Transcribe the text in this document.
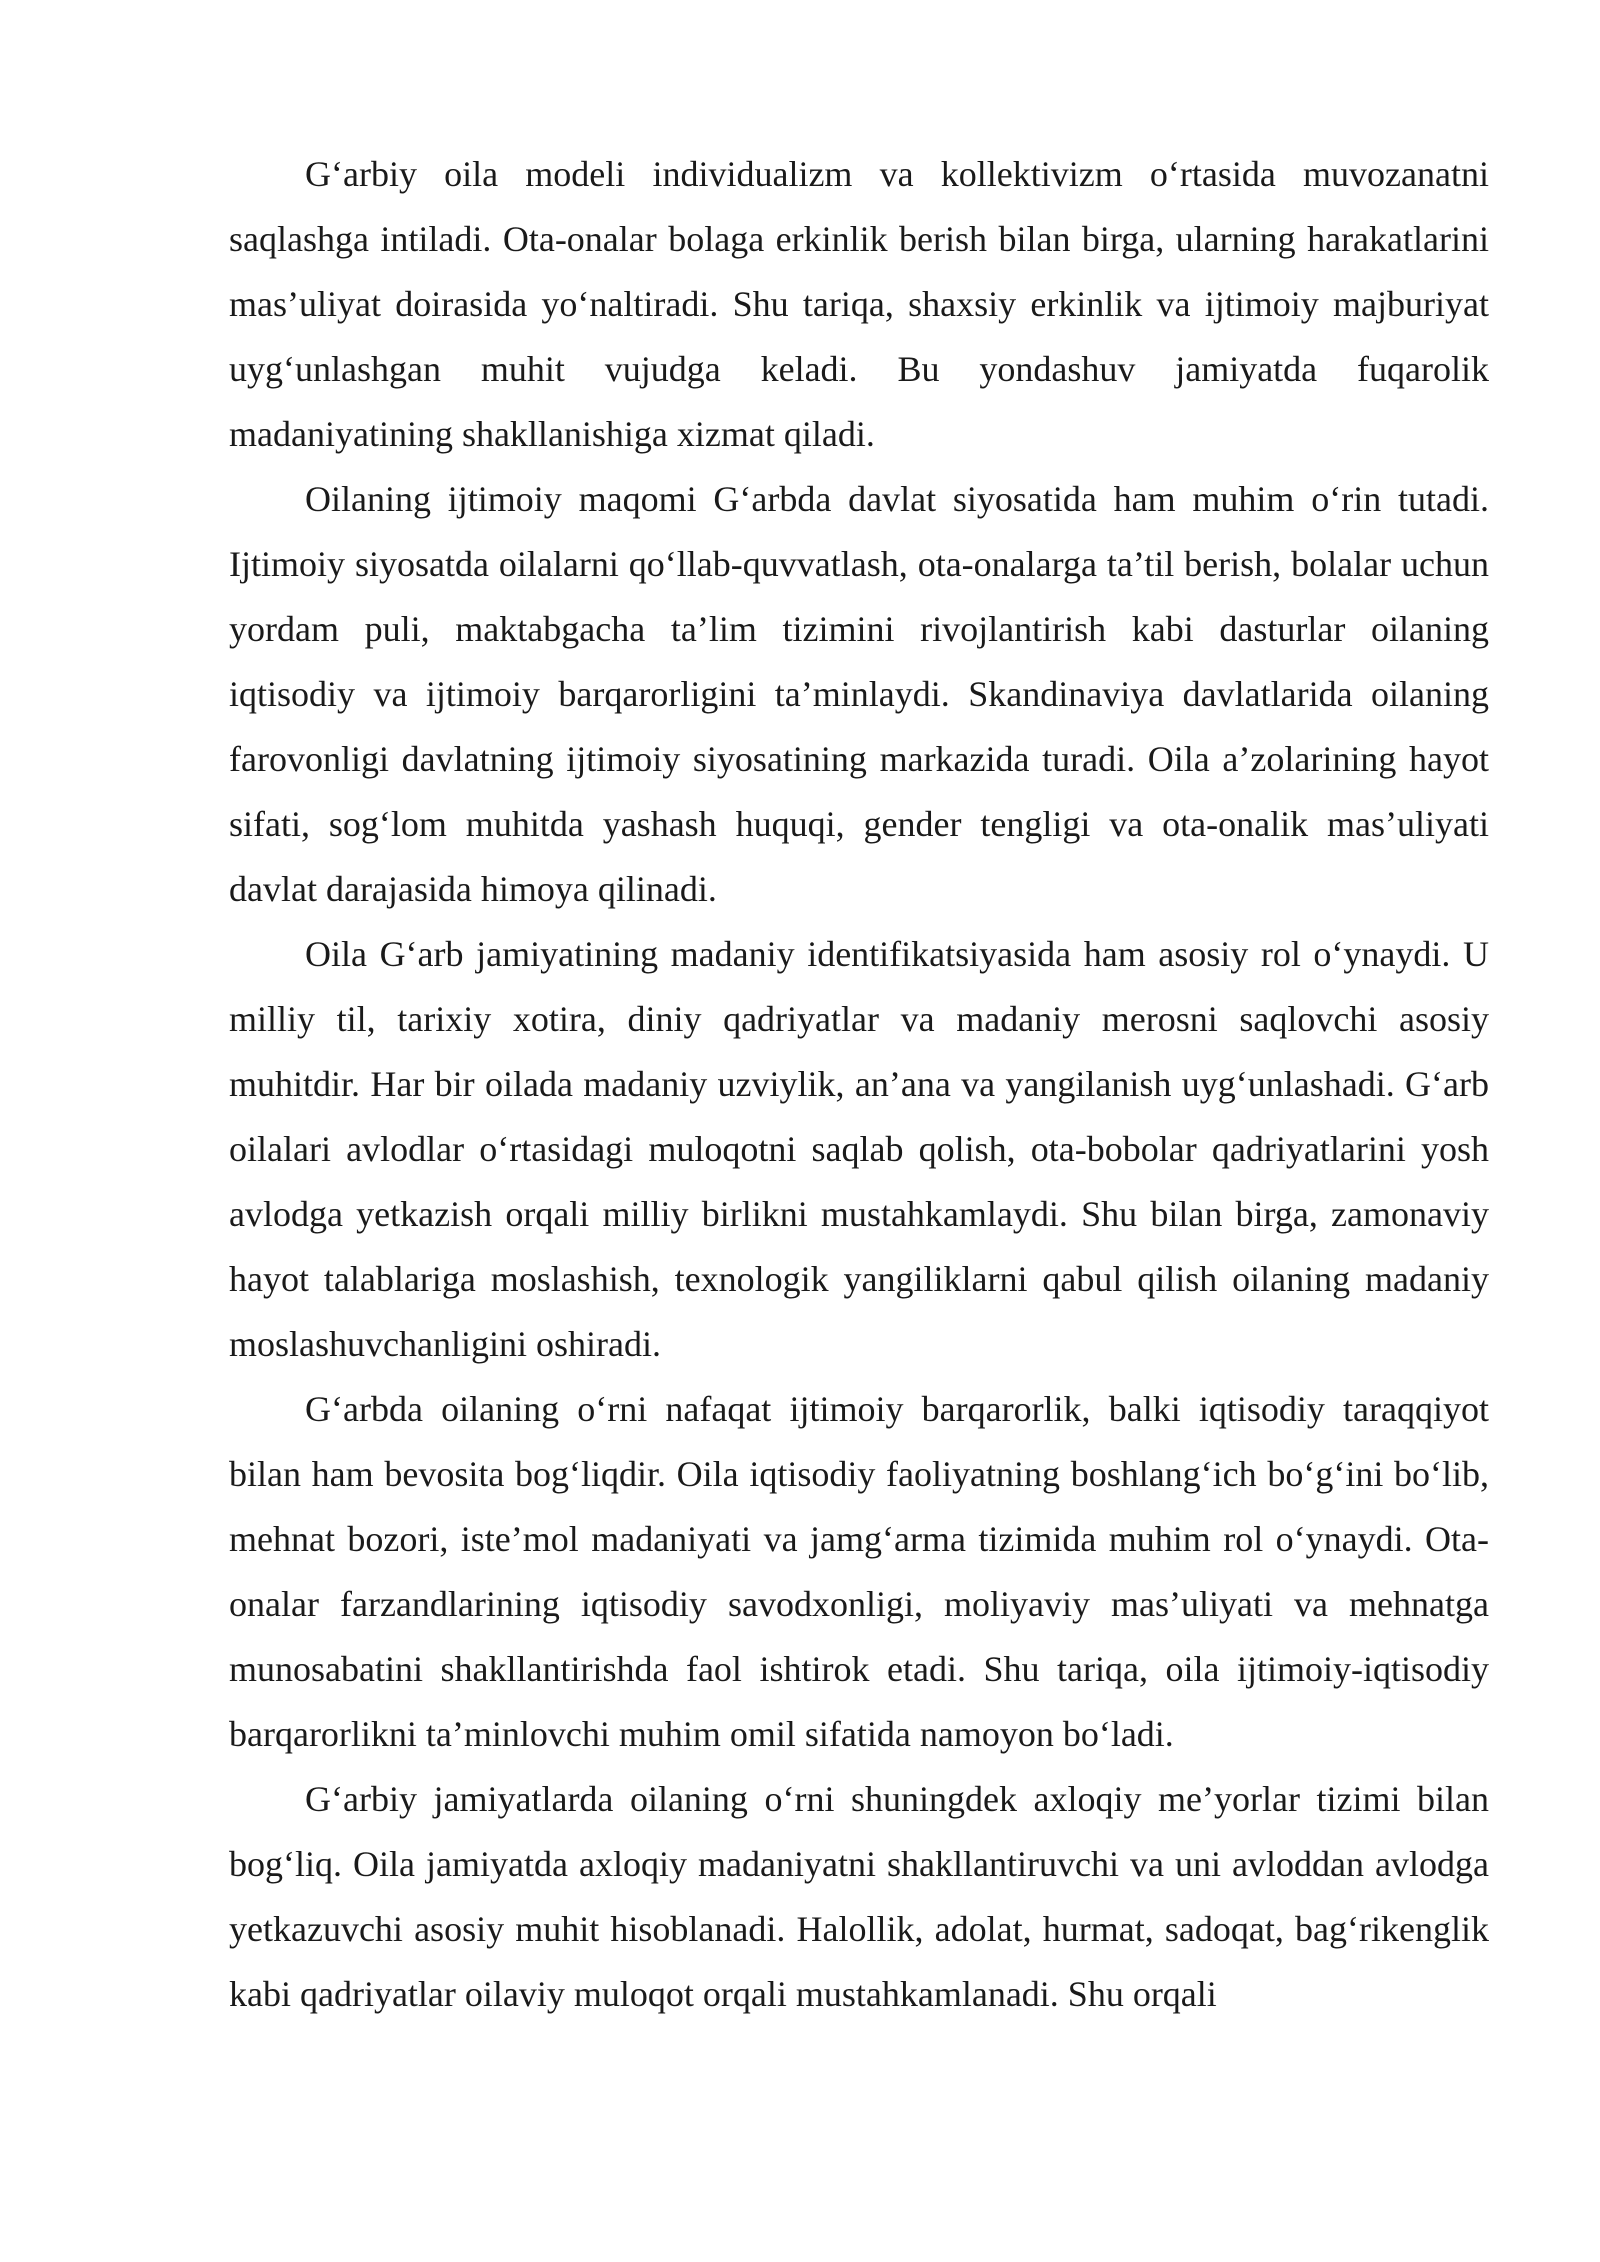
G‘arbiy oila modeli individualizm va kollektivizm o‘rtasida muvozanatni saqlashga intiladi. Ota-onalar bolaga erkinlik berish bilan birga, ularning harakatlarini mas’uliyat doirasida yo‘naltiradi. Shu tariqa, shaxsiy erkinlik va ijtimoiy majburiyat uyg‘unlashgan muhit vujudga keladi. Bu yondashuv jamiyatda fuqarolik madaniyatining shakllanishiga xizmat qiladi.

Oilaning ijtimoiy maqomi G‘arbda davlat siyosatida ham muhim o‘rin tutadi. Ijtimoiy siyosatda oilalarni qo‘llab-quvvatlash, ota-onalarga ta’til berish, bolalar uchun yordam puli, maktabgacha ta’lim tizimini rivojlantirish kabi dasturlar oilaning iqtisodiy va ijtimoiy barqarorligini ta’minlaydi. Skandinaviya davlatlarida oilaning farovonligi davlatning ijtimoiy siyosatining markazida turadi. Oila a’zolarining hayot sifati, sog‘lom muhitda yashash huquqi, gender tengligi va ota-onalik mas’uliyati davlat darajasida himoya qilinadi.

Oila G‘arb jamiyatining madaniy identifikatsiyasida ham asosiy rol o‘ynaydi. U milliy til, tarixiy xotira, diniy qadriyatlar va madaniy merosni saqlovchi asosiy muhitdir. Har bir oilada madaniy uzviylik, an’ana va yangilanish uyg‘unlashadi. G‘arb oilalari avlodlar o‘rtasidagi muloqotni saqlab qolish, ota-bobolar qadriyatlarini yosh avlodga yetkazish orqali milliy birlikni mustahkamlaydi. Shu bilan birga, zamonaviy hayot talablariga moslashish, texnologik yangiliklarni qabul qilish oilaning madaniy moslashuvchanligini oshiradi.

G‘arbda oilaning o‘rni nafaqat ijtimoiy barqarorlik, balki iqtisodiy taraqqiyot bilan ham bevosita bog‘liqdir. Oila iqtisodiy faoliyatning boshlang‘ich bo‘g‘ini bo‘lib, mehnat bozori, iste’mol madaniyati va jamg‘arma tizimida muhim rol o‘ynaydi. Ota-onalar farzandlarining iqtisodiy savodxonligi, moliyaviy mas’uliyati va mehnatga munosabatini shakllantirishda faol ishtirok etadi. Shu tariqa, oila ijtimoiy-iqtisodiy barqarorlikni ta’minlovchi muhim omil sifatida namoyon bo‘ladi.

G‘arbiy jamiyatlarda oilaning o‘rni shuningdek axloqiy me’yorlar tizimi bilan bog‘liq. Oila jamiyatda axloqiy madaniyatni shakllantiruvchi va uni avloddan avlodga yetkazuvchi asosiy muhit hisoblanadi. Halollik, adolat, hurmat, sadoqat, bag‘rikenglik kabi qadriyatlar oilaviy muloqot orqali mustahkamlanadi. Shu orqali
